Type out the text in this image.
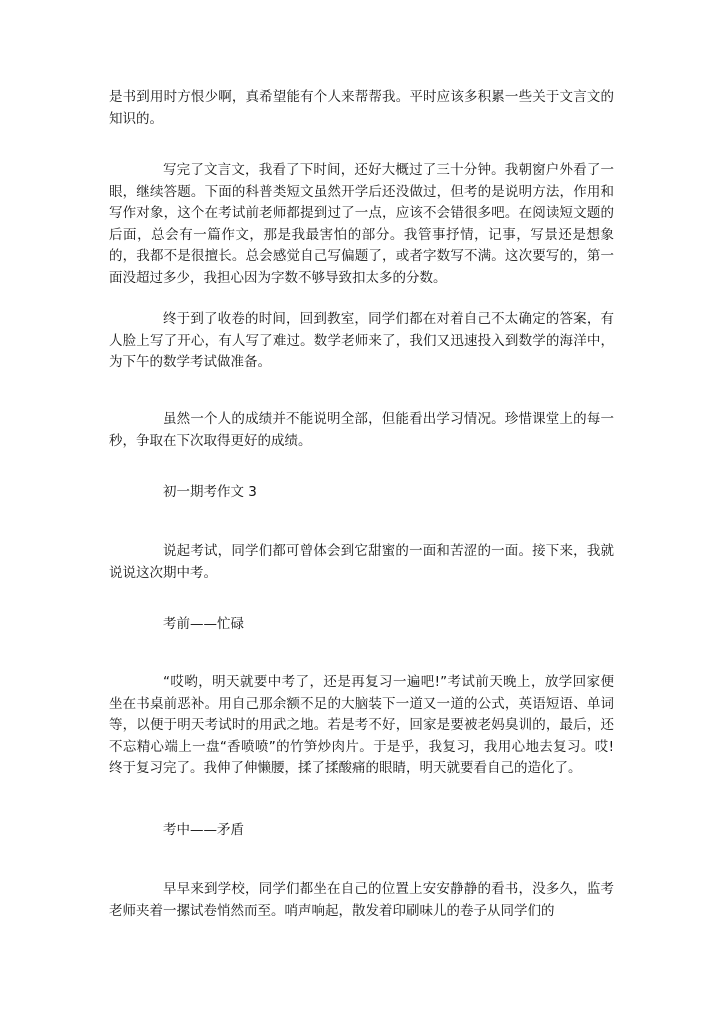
是书到用时方恨少啊，真希望能有个人来帮帮我。平时应该多积累一些关于文言文的知识的。

写完了文言文，我看了下时间，还好大概过了三十分钟。我朝窗户外看了一眼，继续答题。下面的科普类短文虽然开学后还没做过，但考的是说明方法，作用和写作对象，这个在考试前老师都提到过了一点，应该不会错很多吧。在阅读短文题的后面，总会有一篇作文，那是我最害怕的部分。我管事抒情，记事，写景还是想象的，我都不是很擅长。总会感觉自己写偏题了，或者字数写不满。这次要写的，第一面没超过多少，我担心因为字数不够导致扣太多的分数。

终于到了收卷的时间，回到教室，同学们都在对着自己不太确定的答案，有人脸上写了开心，有人写了难过。数学老师来了，我们又迅速投入到数学的海洋中，为下午的数学考试做准备。

虽然一个人的成绩并不能说明全部，但能看出学习情况。珍惜课堂上的每一秒，争取在下次取得更好的成绩。

初一期考作文 3

说起考试，同学们都可曾体会到它甜蜜的一面和苦涩的一面。接下来，我就说说这次期中考。

考前——忙碌

“哎哟，明天就要中考了，还是再复习一遍吧!”考试前天晚上，放学回家便坐在书桌前恶补。用自己那余额不足的大脑装下一道又一道的公式，英语短语、单词等，以便于明天考试时的用武之地。若是考不好，回家是要被老妈臭训的，最后，还不忘精心端上一盘“香喷喷”的竹笋炒肉片。于是乎，我复习，我用心地去复习。哎!终于复习完了。我伸了伸懒腰，揉了揉酸痛的眼睛，明天就要看自己的造化了。

考中——矛盾

早早来到学校，同学们都坐在自己的位置上安安静静的看书，没多久，监考老师夹着一摞试卷悄然而至。哨声响起，散发着印刷味儿的卷子从同学们的
